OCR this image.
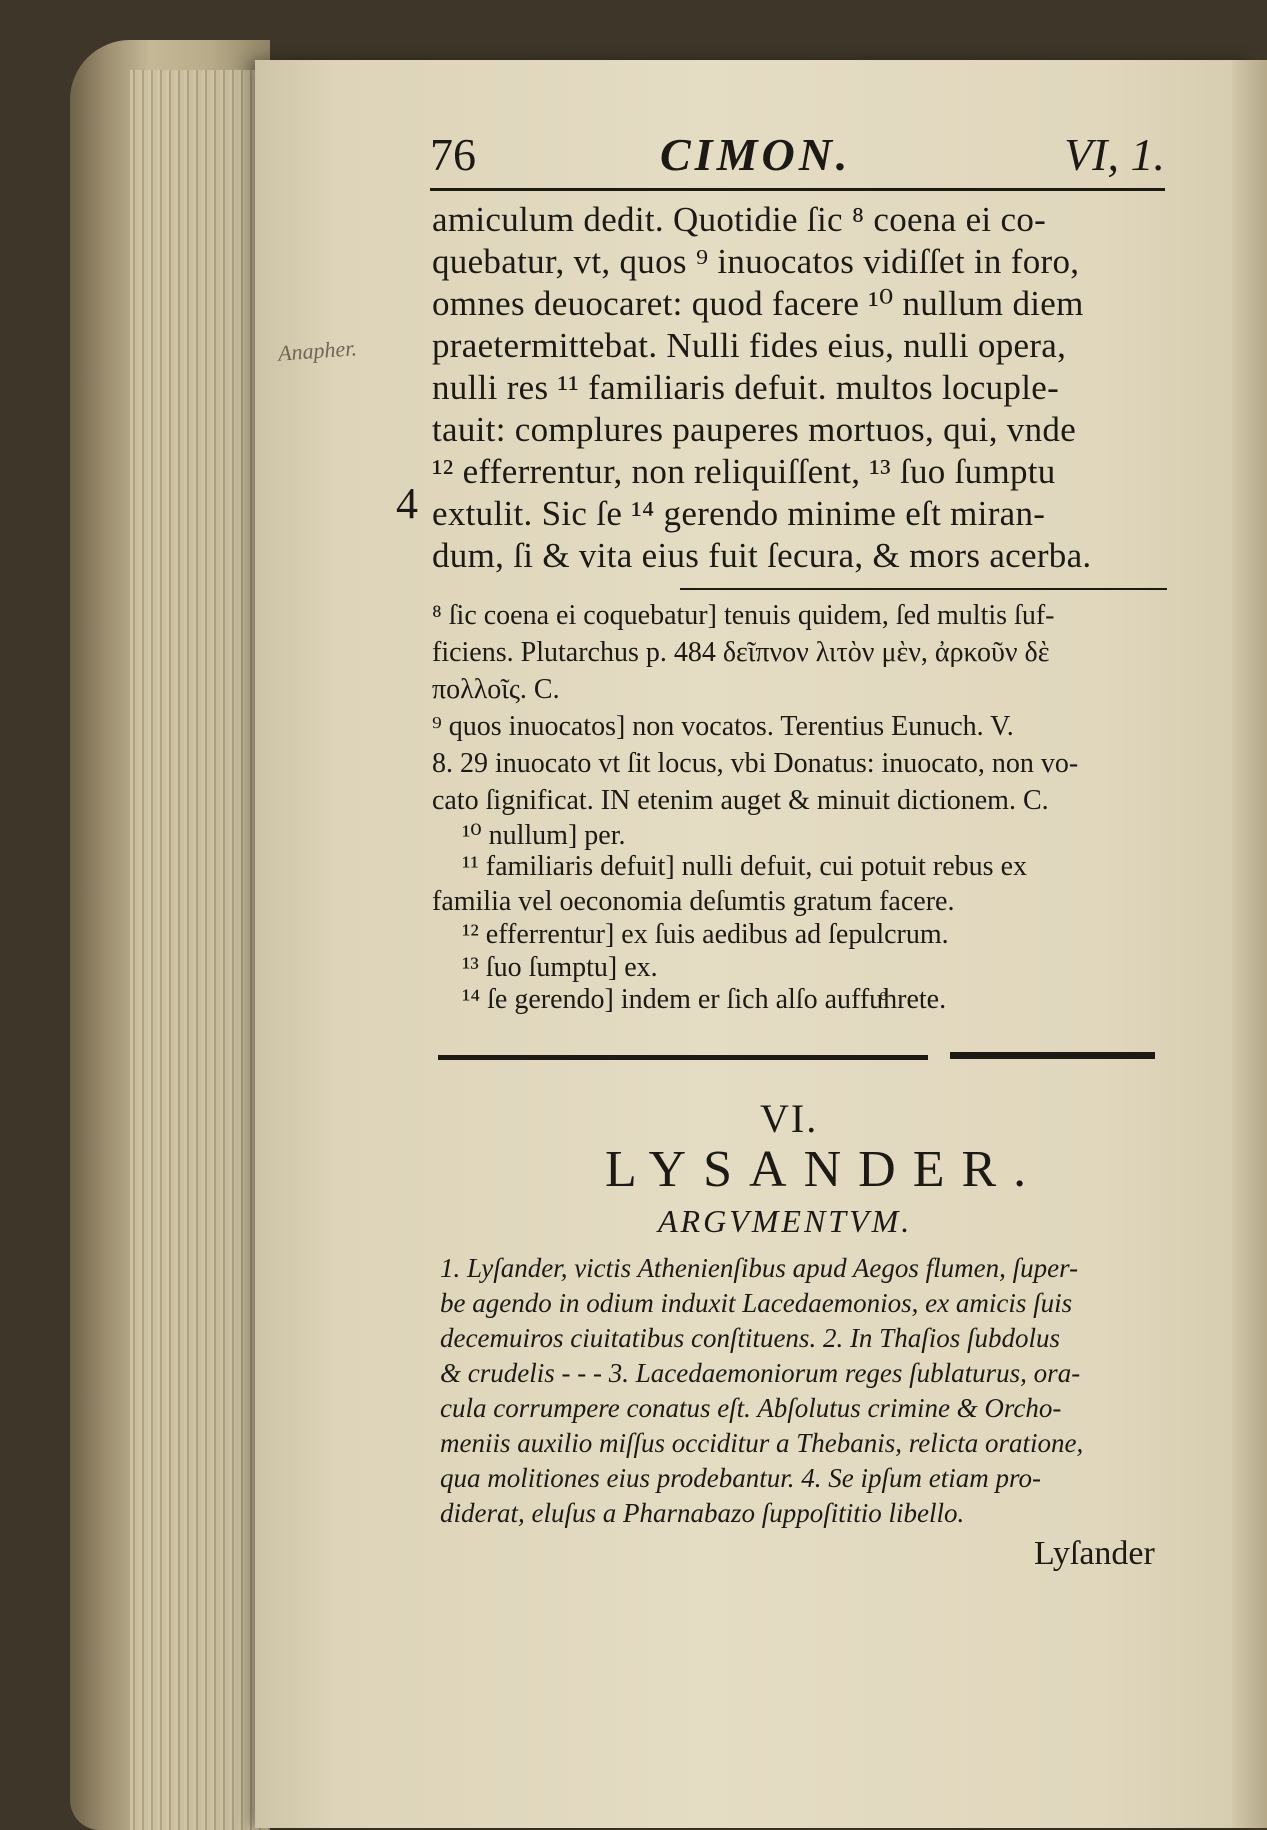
76	CIMON.	VI, 1.
Anapher.
4
amiculum dedit. Quotidie ſic ⁸ coena ei co-
quebatur, vt, quos ⁹ inuocatos vidiſſet in foro,
omnes deuocaret: quod facere ¹⁰ nullum diem
praetermittebat. Nulli fides eius, nulli opera,
nulli res ¹¹ familiaris defuit. multos locuple-
tauit: complures pauperes mortuos, qui, vnde
¹² efferrentur, non reliquiſſent, ¹³ ſuo ſumptu
extulit. Sic ſe ¹⁴ gerendo minime eſt miran-
dum, ſi & vita eius fuit ſecura, & mors acerba.
⁸ ſic coena ei coquebatur] tenuis quidem, ſed multis ſuf-
ficiens. Plutarchus p. 484 δεῖπνον λιτὸν μὲν, ἀρκοῦν δὲ
πολλοῖς. C.
⁹ quos inuocatos] non vocatos. Terentius Eunuch. V.
8. 29 inuocato vt ſit locus, vbi Donatus: inuocato, non vo-
cato ſignificat. IN etenim auget & minuit dictionem. C.
¹⁰ nullum] per.
¹¹ familiaris defuit] nulli defuit, cui potuit rebus ex
familia vel oeconomia deſumtis gratum facere.
¹² efferrentur] ex ſuis aedibus ad ſepulcrum.
¹³ ſuo ſumptu] ex.
¹⁴ ſe gerendo] indem er ſich alſo auffuͤhrete.
VI.
LYSANDER.
ARGVMENTVM.
1. Lyſander, victis Athenienſibus apud Aegos flumen, ſuper-
be agendo in odium induxit Lacedaemonios, ex amicis ſuis
decemuiros ciuitatibus conſtituens. 2. In Thaſios ſubdolus
& crudelis - - - 3. Lacedaemoniorum reges ſublaturus, ora-
cula corrumpere conatus eſt. Abſolutus crimine & Orcho-
meniis auxilio miſſus occiditur a Thebanis, relicta oratione,
qua molitiones eius prodebantur. 4. Se ipſum etiam pro-
diderat, eluſus a Pharnabazo ſuppoſititio libello.
Lyſander
